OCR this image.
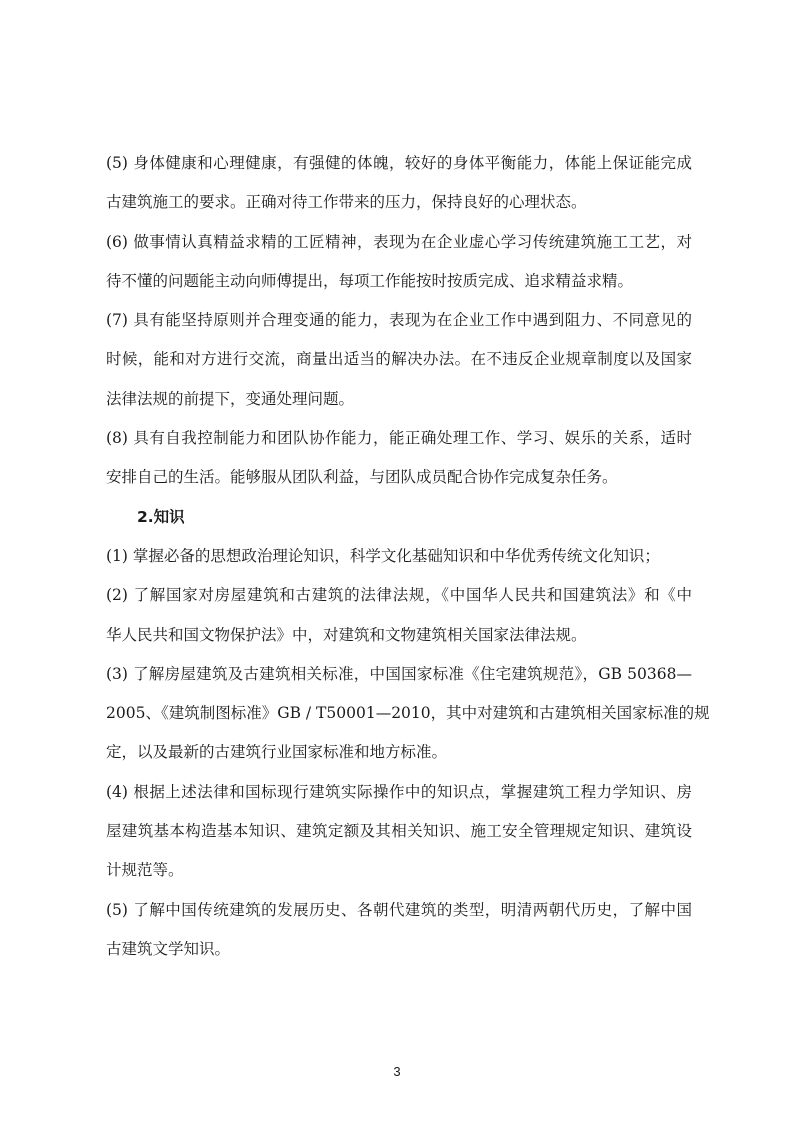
(5) 身体健康和心理健康，有强健的体魄，较好的身体平衡能力，体能上保证能完成
古建筑施工的要求。正确对待工作带来的压力，保持良好的心理状态。
(6) 做事情认真精益求精的工匠精神，表现为在企业虚心学习传统建筑施工工艺，对
待不懂的问题能主动向师傅提出，每项工作能按时按质完成、追求精益求精。
(7) 具有能坚持原则并合理变通的能力，表现为在企业工作中遇到阻力、不同意见的
时候，能和对方进行交流，商量出适当的解决办法。在不违反企业规章制度以及国家
法律法规的前提下，变通处理问题。
(8) 具有自我控制能力和团队协作能力，能正确处理工作、学习、娱乐的关系，适时
安排自己的生活。能够服从团队利益，与团队成员配合协作完成复杂任务。
2.知识
(1) 掌握必备的思想政治理论知识，科学文化基础知识和中华优秀传统文化知识；
(2) 了解国家对房屋建筑和古建筑的法律法规，《中国华人民共和国建筑法》和《中
华人民共和国文物保护法》中，对建筑和文物建筑相关国家法律法规。
(3) 了解房屋建筑及古建筑相关标准，中国国家标准《住宅建筑规范》，GB 50368—
2005、《建筑制图标准》GB / T50001—2010，其中对建筑和古建筑相关国家标准的规
定，以及最新的古建筑行业国家标准和地方标准。
(4) 根据上述法律和国标现行建筑实际操作中的知识点，掌握建筑工程力学知识、房
屋建筑基本构造基本知识、建筑定额及其相关知识、施工安全管理规定知识、建筑设
计规范等。
(5) 了解中国传统建筑的发展历史、各朝代建筑的类型，明清两朝代历史，了解中国
古建筑文学知识。
3
